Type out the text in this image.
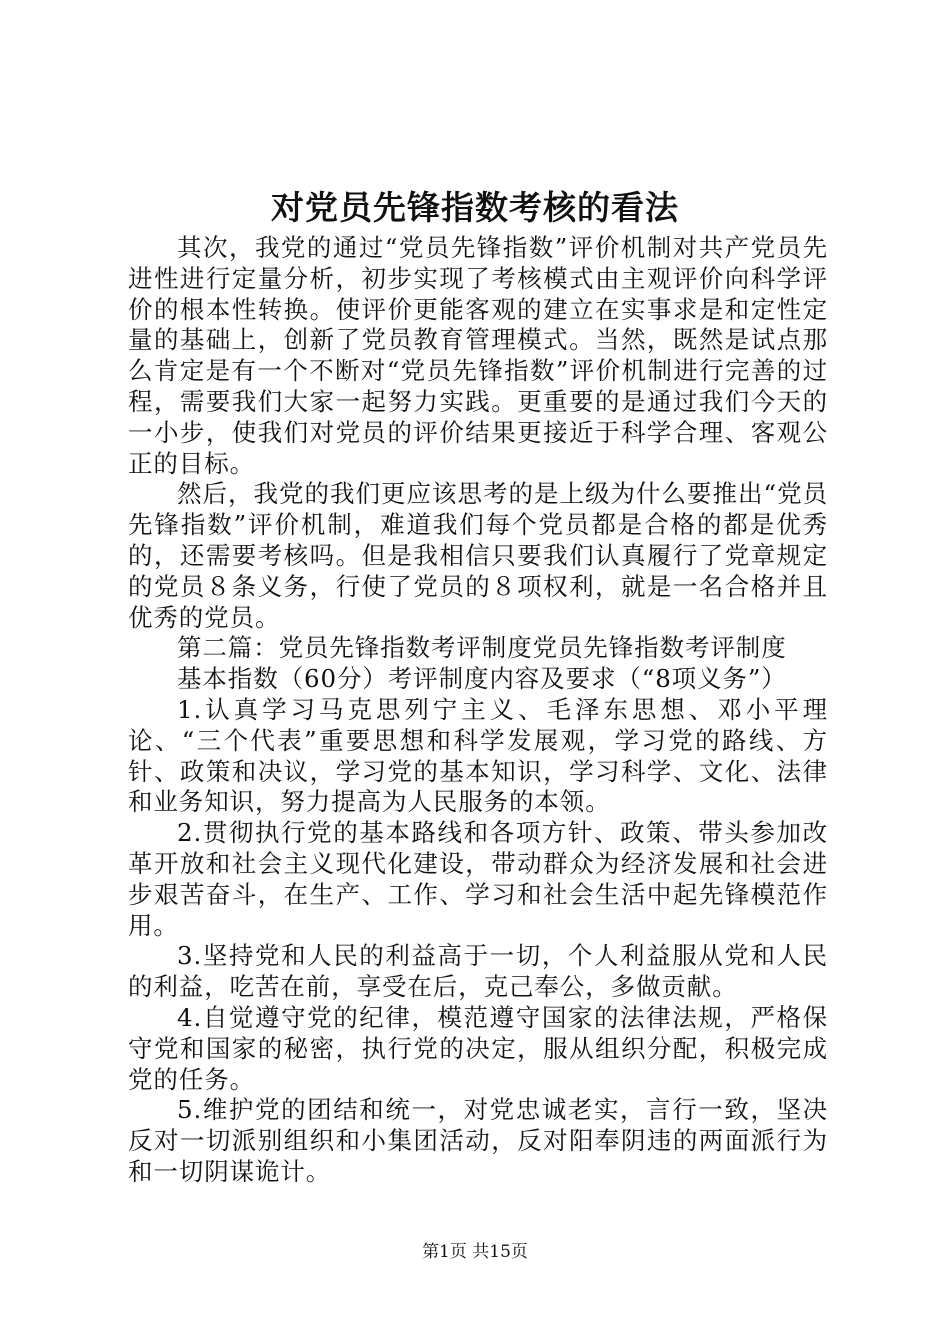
对党员先锋指数考核的看法

其次，我党的通过“党员先锋指数”评价机制对共产党员先进性进行定量分析，初步实现了考核模式由主观评价向科学评价的根本性转换。使评价更能客观的建立在实事求是和定性定量的基础上，创新了党员教育管理模式。当然，既然是试点那么肯定是有一个不断对“党员先锋指数”评价机制进行完善的过程，需要我们大家一起努力实践。更重要的是通过我们今天的一小步，使我们对党员的评价结果更接近于科学合理、客观公正的目标。

然后，我党的我们更应该思考的是上级为什么要推出“党员先锋指数”评价机制，难道我们每个党员都是合格的都是优秀的，还需要考核吗。但是我相信只要我们认真履行了党章规定的党员８条义务，行使了党员的８项权利，就是一名合格并且优秀的党员。

第二篇：党员先锋指数考评制度党员先锋指数考评制度

基本指数（60分）考评制度内容及要求（“8项义务”）

1.认真学习马克思列宁主义、毛泽东思想、邓小平理论、“三个代表”重要思想和科学发展观，学习党的路线、方针、政策和决议，学习党的基本知识，学习科学、文化、法律和业务知识，努力提高为人民服务的本领。

2.贯彻执行党的基本路线和各项方针、政策、带头参加改革开放和社会主义现代化建设，带动群众为经济发展和社会进步艰苦奋斗，在生产、工作、学习和社会生活中起先锋模范作用。

3.坚持党和人民的利益高于一切，个人利益服从党和人民的利益，吃苦在前，享受在后，克己奉公，多做贡献。

4.自觉遵守党的纪律，模范遵守国家的法律法规，严格保守党和国家的秘密，执行党的决定，服从组织分配，积极完成党的任务。

5.维护党的团结和统一，对党忠诚老实，言行一致，坚决反对一切派别组织和小集团活动，反对阳奉阴违的两面派行为和一切阴谋诡计。

第1页 共15页
